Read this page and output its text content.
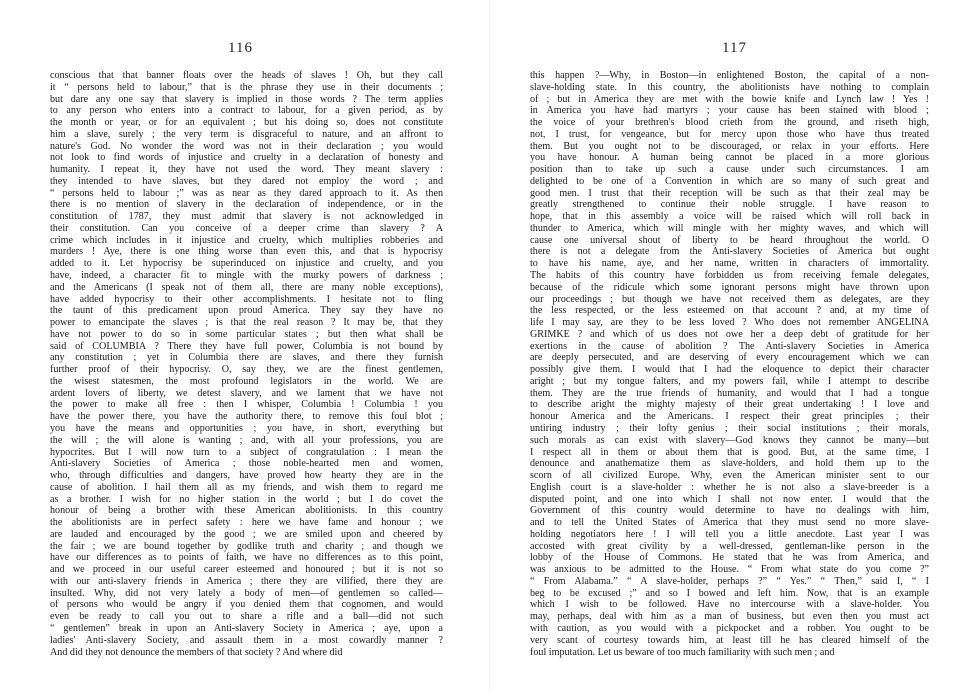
116
conscious that that banner floats over the heads of slaves ! Oh, but they call
it “ persons held to labour,” that is the phrase they use in their documents ;
but dare any one say that slavery is implied in those words ? The term applies
to any person who enters into a contract to labour, for a given period, as by
the month or year, or for an equivalent ; but his doing so, does not constitute
him a slave, surely ; the very term is disgraceful to nature, and an affront to
nature's God. No wonder the word was not in their declaration ; you would
not look to find words of injustice and cruelty in a declaration of honesty and
humanity. I repeat it, they have not used the word. They meant slavery :
they intended to have slaves, but they dared not employ the word ; and
“ persons held to labour ;” was as near as they dared approach to it. As then
there is no mention of slavery in the declaration of independence, or in the
constitution of 1787, they must admit that slavery is not acknowledged in
their constitution. Can you conceive of a deeper crime than slavery ? A
crime which includes in it injustice and cruelty, which multiplies robberies and
murders ! Aye, there is one thing worse than even this, and that is hypocrisy
added to it. Let hypocrisy be superinduced on injustice and cruelty, and you
have, indeed, a character fit to mingle with the murky powers of darkness ;
and the Americans (I speak not of them all, there are many noble exceptions),
have added hypocrisy to their other accomplishments. I hesitate not to fling
the taunt of this predicament upon proud America. They say they have no
power to emancipate the slaves ; is that the real reason ? It may be, that they
have not power to do so in some particular states ; but then what shall be
said of COLUMBIA ? There they have full power, Columbia is not bound by
any constitution ; yet in Columbia there are slaves, and there they furnish
further proof of their hypocrisy. O, say they, we are the finest gentlemen,
the wisest statesmen, the most profound legislators in the world. We are
ardent lovers of liberty, we detest slavery, and we lament that we have not
the power to make all free : then I whisper, Columbia ! Columbia ! you
have the power there, you have the authority there, to remove this foul blot ;
you have the means and opportunities ; you have, in short, everything but
the will ; the will alone is wanting ; and, with all your professions, you are
hypocrites. But I will now turn to a subject of congratulation : I mean the
Anti-slavery Societies of America ; those noble-hearted men and women,
who, through difficulties and dangers, have proved how hearty they are in the
cause of abolition. I hail them all as my friends, and wish them to regard me
as a brother. I wish for no higher station in the world ; but I do covet the
honour of being a brother with these American abolitionists. In this country
the abolitionists are in perfect safety : here we have fame and honour ; we
are lauded and encouraged by the good ; we are smiled upon and cheered by
the fair ; we are bound together by godlike truth and charity ; and though we
have our differences as to points of faith, we have no differences as to this point,
and we proceed in our useful career esteemed and honoured ; but it is not so
with our anti-slavery friends in America ; there they are vilified, there they are
insulted. Why, did not very lately a body of men—of gentlemen so called—
of persons who would be angry if you denied them that cognomen, and would
even be ready to call you out to share a rifle and a ball—did not such
“ gentlemen” break in upon an Anti-slavery Society in America ; aye, upon a
ladies' Anti-slavery Society, and assault them in a most cowardly manner ?
And did they not denounce the members of that society ? And where did
117
this happen ?—Why, in Boston—in enlightened Boston, the capital of a non-
slave-holding state. In this country, the abolitionists have nothing to complain
of ; but in America they are met with the bowie knife and Lynch law ! Yes !
in America you have had martyrs ; your cause has been stained with blood ;
the voice of your brethren's blood crieth from the ground, and riseth high,
not, I trust, for vengeance, but for mercy upon those who have thus treated
them. But you ought not to be discouraged, or relax in your efforts. Here
you have honour. A human being cannot be placed in a more glorious
position than to take up such a cause under such circumstances. I am
delighted to be one of a Convention in which are so many of such great and
good men. I trust that their reception will be such as that their zeal may be
greatly strengthened to continue their noble struggle. I have reason to
hope, that in this assembly a voice will be raised which will roll back in
thunder to America, which will mingle with her mighty waves, and which will
cause one universal shout of liberty to be heard throughout the world. O
there is not a delegate from the Anti-slavery Societies of America but ought
to have his name, aye, and her name, written in characters of immortality.
The habits of this country have forbidden us from receiving female delegates,
because of the ridicule which some ignorant persons might have thrown upon
our proceedings ; but though we have not received them as delegates, are they
the less respected, or the less esteemed on that account ? and, at my time of
life I may say, are they to be less loved ? Who does not remember ANGELINA
GRIMKE ? and which of us does not owe her a deep debt of gratitude for her
exertions in the cause of abolition ? The Anti-slavery Societies in America
are deeply persecuted, and are deserving of every encouragement which we can
possibly give them. I would that I had the eloquence to depict their character
aright ; but my tongue falters, and my powers fail, while I attempt to describe
them. They are the true friends of humanity, and would that I had a tongue
to describe aright the mighty majesty of their great undertaking ! I love and
honour America and the Americans. I respect their great principles ; their
untiring industry ; their lofty genius ; their social institutions ; their morals,
such morals as can exist with slavery—God knows they cannot be many—but
I respect all in them or about them that is good. But, at the same time, I
denounce and anathematize them as slave-holders, and hold them up to the
scorn of all civilized Europe. Why, even the American minister sent to our
English court is a slave-holder : whether he is not also a slave-breeder is a
disputed point, and one into which I shall not now enter. I would that the
Government of this country would determine to have no dealings with him,
and to tell the United States of America that they must send no more slave-
holding negotiators here ! I will tell you a little anecdote. Last year I was
accosted with great civility by a well-dressed, gentleman-like person in the
lobby of the House of Commons. He stated that he was from America, and
was anxious to be admitted to the House. “ From what state do you come ?”
“ From Alabama.” “ A slave-holder, perhaps ?” “ Yes.” “ Then,” said I, “ I
beg to be excused ;” and so I bowed and left him. Now, that is an example
which I wish to be followed. Have no intercourse with a slave-holder. You
may, perhaps, deal with him as a man of business, but even then you must act
with caution, as you would with a pickpocket and a robber. You ought to be
very scant of courtesy towards him, at least till he has cleared himself of the
foul imputation. Let us beware of too much familiarity with such men ; and
